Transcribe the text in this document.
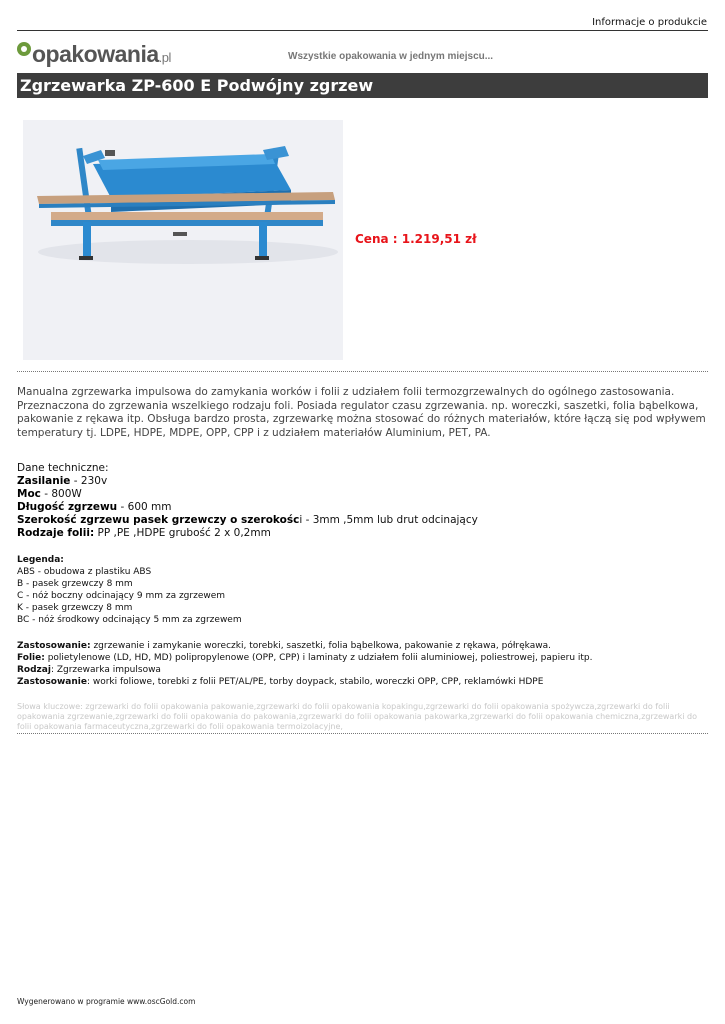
Informacje o produkcie
opakowania.pl	Wszystkie opakowania w jednym miejscu...
Zgrzewarka ZP-600 E Podwójny zgrzew
Cena : 1.219,51 zł

Manualna zgrzewarka impulsowa do zamykania worków i folii z udziałem folii termozgrzewalnych do ogólnego zastosowania. Przeznaczona do zgrzewania wszelkiego rodzaju foli. Posiada regulator czasu zgrzewania. np. woreczki, saszetki, folia bąbelkowa, pakowanie z rękawa itp. Obsługa bardzo prosta, zgrzewarkę można stosować do różnych materiałów, które łączą się pod wpływem temperatury tj. LDPE, HDPE, MDPE, OPP, CPP i z udziałem materiałów Aluminium, PET, PA.

Dane techniczne:
Zasilanie - 230v
Moc - 800W
Długość zgrzewu - 600 mm
Szerokość zgrzewu pasek grzewczy o szerokości - 3mm ,5mm lub drut odcinający
Rodzaje folii: PP ,PE ,HDPE grubość 2 x 0,2mm
Legenda:
ABS - obudowa z plastiku ABS
B - pasek grzewczy 8 mm
C - nóż boczny odcinający 9 mm za zgrzewem
K - pasek grzewczy 8 mm
BC - nóż środkowy odcinający 5 mm za zgrzewem
Zastosowanie: zgrzewanie i zamykanie woreczki, torebki, saszetki, folia bąbelkowa, pakowanie z rękawa, półrękawa.
Folie: polietylenowe (LD, HD, MD) polipropylenowe (OPP, CPP) i laminaty z udziałem folii aluminiowej, poliestrowej, papieru itp.
Rodzaj: Zgrzewarka impulsowa
Zastosowanie: worki foliowe, torebki z folii PET/AL/PE, torby doypack, stabilo, woreczki OPP, CPP, reklamówki HDPE
Słowa kluczowe: zgrzewarki do folii opakowania pakowanie,zgrzewarki do folii opakowania kopakingu,zgrzewarki do folii opakowania spożywcza,zgrzewarki do folii opakowania zgrzewanie,zgrzewarki do folii opakowania do pakowania,zgrzewarki do folii opakowania pakowarka,zgrzewarki do folii opakowania chemiczna,zgrzewarki do folii opakowania farmaceutyczna,zgrzewarki do folii opakowania termoizolacyjne,
Wygenerowano w programie www.oscGold.com
